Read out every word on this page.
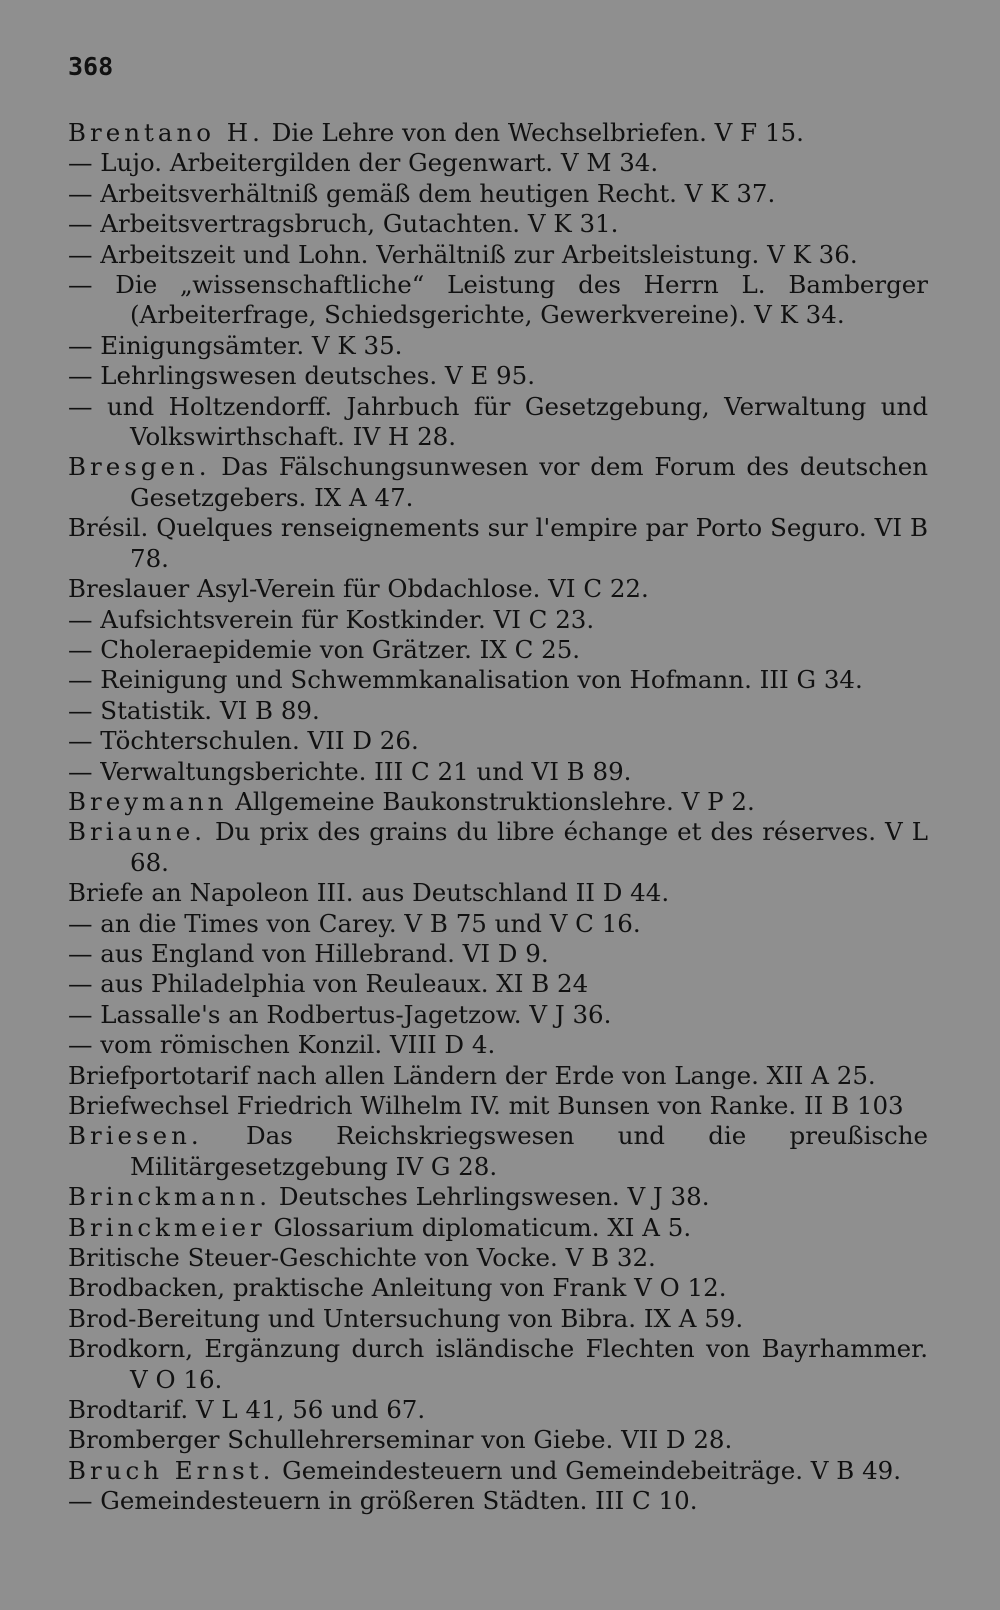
368

Brentano H. Die Lehre von den Wechselbriefen. V F 15.

— Lujo. Arbeitergilden der Gegenwart. V M 34.

— Arbeitsverhältniß gemäß dem heutigen Recht. V K 37.

— Arbeitsvertragsbruch, Gutachten. V K 31.

— Arbeitszeit und Lohn. Verhältniß zur Arbeitsleistung. V K 36.

— Die „wissenschaftliche“ Leistung des Herrn L. Bamberger (Arbeiterfrage, Schiedsgerichte, Gewerkvereine). V K 34.

— Einigungsämter. V K 35.

— Lehrlingswesen deutsches. V E 95.

— und Holtzendorff. Jahrbuch für Gesetzgebung, Verwaltung und Volkswirthschaft. IV H 28.

Bresgen. Das Fälschungsunwesen vor dem Forum des deutschen Gesetzgebers. IX A 47.

Brésil. Quelques renseignements sur l'empire par Porto Seguro. VI B 78.

Breslauer Asyl-Verein für Obdachlose. VI C 22.

— Aufsichtsverein für Kostkinder. VI C 23.

— Choleraepidemie von Grätzer. IX C 25.

— Reinigung und Schwemmkanalisation von Hofmann. III G 34.

— Statistik. VI B 89.

— Töchterschulen. VII D 26.

— Verwaltungsberichte. III C 21 und VI B 89.

Breymann Allgemeine Baukonstruktionslehre. V P 2.

Briaune. Du prix des grains du libre échange et des réserves. V L 68.

Briefe an Napoleon III. aus Deutschland II D 44.

— an die Times von Carey. V B 75 und V C 16.

— aus England von Hillebrand. VI D 9.

— aus Philadelphia von Reuleaux. XI B 24

— Lassalle's an Rodbertus-Jagetzow. V J 36.

— vom römischen Konzil. VIII D 4.

Briefportotarif nach allen Ländern der Erde von Lange. XII A 25.

Briefwechsel Friedrich Wilhelm IV. mit Bunsen von Ranke. II B 103

Briesen. Das Reichskriegswesen und die preußische Militärgesetzgebung IV G 28.

Brinckmann. Deutsches Lehrlingswesen. V J 38.

Brinckmeier Glossarium diplomaticum. XI A 5.

Britische Steuer-Geschichte von Vocke. V B 32.

Brodbacken, praktische Anleitung von Frank V O 12.

Brod-Bereitung und Untersuchung von Bibra. IX A 59.

Brodkorn, Ergänzung durch isländische Flechten von Bayrhammer. V O 16.

Brodtarif. V L 41, 56 und 67.

Bromberger Schullehrerseminar von Giebe. VII D 28.

Bruch Ernst. Gemeindesteuern und Gemeindebeiträge. V B 49.

— Gemeindesteuern in größeren Städten. III C 10.
